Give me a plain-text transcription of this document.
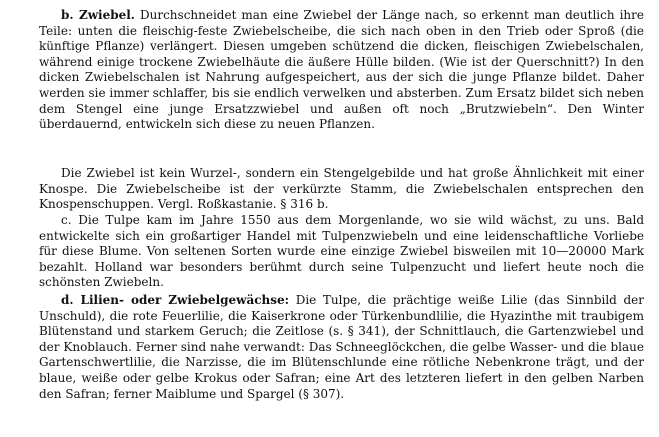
b. Zwiebel. Durchschneidet man eine Zwiebel der Länge nach, so erkennt man deutlich ihre Teile: unten die fleischig-feste Zwiebelscheibe, die sich nach oben in den Trieb oder Sproß (die künftige Pflanze) verlängert. Diesen umgeben schützend die dicken, fleischigen Zwiebelschalen, während einige trockene Zwiebelhäute die äußere Hülle bilden. (Wie ist der Querschnitt?) In den dicken Zwiebelschalen ist Nahrung aufgespeichert, aus der sich die junge Pflanze bildet. Daher werden sie immer schlaffer, bis sie endlich verwelken und absterben. Zum Ersatz bildet sich neben dem Stengel eine junge Ersatzzwiebel und außen oft noch „Brutzwiebeln“. Den Winter überdauernd, entwickeln sich diese zu neuen Pflanzen.

Die Zwiebel ist kein Wurzel-, sondern ein Stengelgebilde und hat große Ähnlichkeit mit einer Knospe. Die Zwiebelscheibe ist der verkürzte Stamm, die Zwiebelschalen entsprechen den Knospenschuppen. Vergl. Roßkastanie. § 316 b.

c. Die Tulpe kam im Jahre 1550 aus dem Morgenlande, wo sie wild wächst, zu uns. Bald entwickelte sich ein großartiger Handel mit Tulpenzwiebeln und eine leidenschaftliche Vorliebe für diese Blume. Von seltenen Sorten wurde eine einzige Zwiebel bisweilen mit 10—20000 Mark bezahlt. Holland war besonders berühmt durch seine Tulpenzucht und liefert heute noch die schönsten Zwiebeln.

d. Lilien- oder Zwiebelgewächse: Die Tulpe, die prächtige weiße Lilie (das Sinnbild der Unschuld), die rote Feuerlilie, die Kaiserkrone oder Türkenbundlilie, die Hyazinthe mit traubigem Blütenstand und starkem Geruch; die Zeitlose (s. § 341), der Schnittlauch, die Gartenzwiebel und der Knoblauch. Ferner sind nahe verwandt: Das Schneeglöckchen, die gelbe Wasser- und die blaue Gartenschwertlilie, die Narzisse, die im Blütenschlunde eine rötliche Nebenkrone trägt, und der blaue, weiße oder gelbe Krokus oder Safran; eine Art des letzteren liefert in den gelben Narben den Safran; ferner Maiblume und Spargel (§ 307).
